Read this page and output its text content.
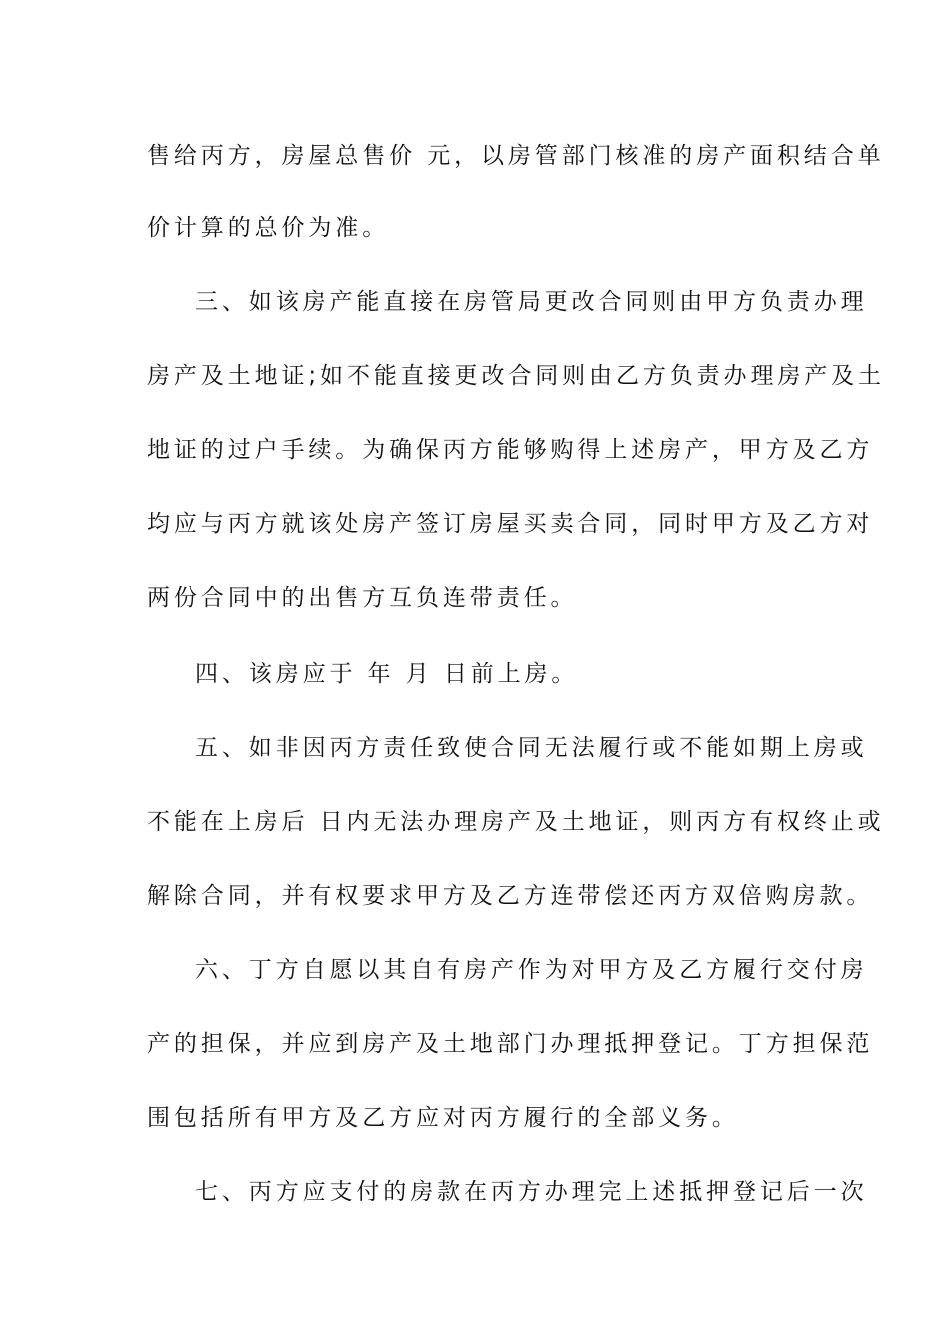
售给丙方，房屋总售价 元，以房管部门核准的房产面积结合单
价计算的总价为准。
三、如该房产能直接在房管局更改合同则由甲方负责办理
房产及土地证;如不能直接更改合同则由乙方负责办理房产及土
地证的过户手续。为确保丙方能够购得上述房产，甲方及乙方
均应与丙方就该处房产签订房屋买卖合同，同时甲方及乙方对
两份合同中的出售方互负连带责任。
四、该房应于 年 月 日前上房。
五、如非因丙方责任致使合同无法履行或不能如期上房或
不能在上房后 日内无法办理房产及土地证，则丙方有权终止或
解除合同，并有权要求甲方及乙方连带偿还丙方双倍购房款。
六、丁方自愿以其自有房产作为对甲方及乙方履行交付房
产的担保，并应到房产及土地部门办理抵押登记。丁方担保范
围包括所有甲方及乙方应对丙方履行的全部义务。
七、丙方应支付的房款在丙方办理完上述抵押登记后一次
